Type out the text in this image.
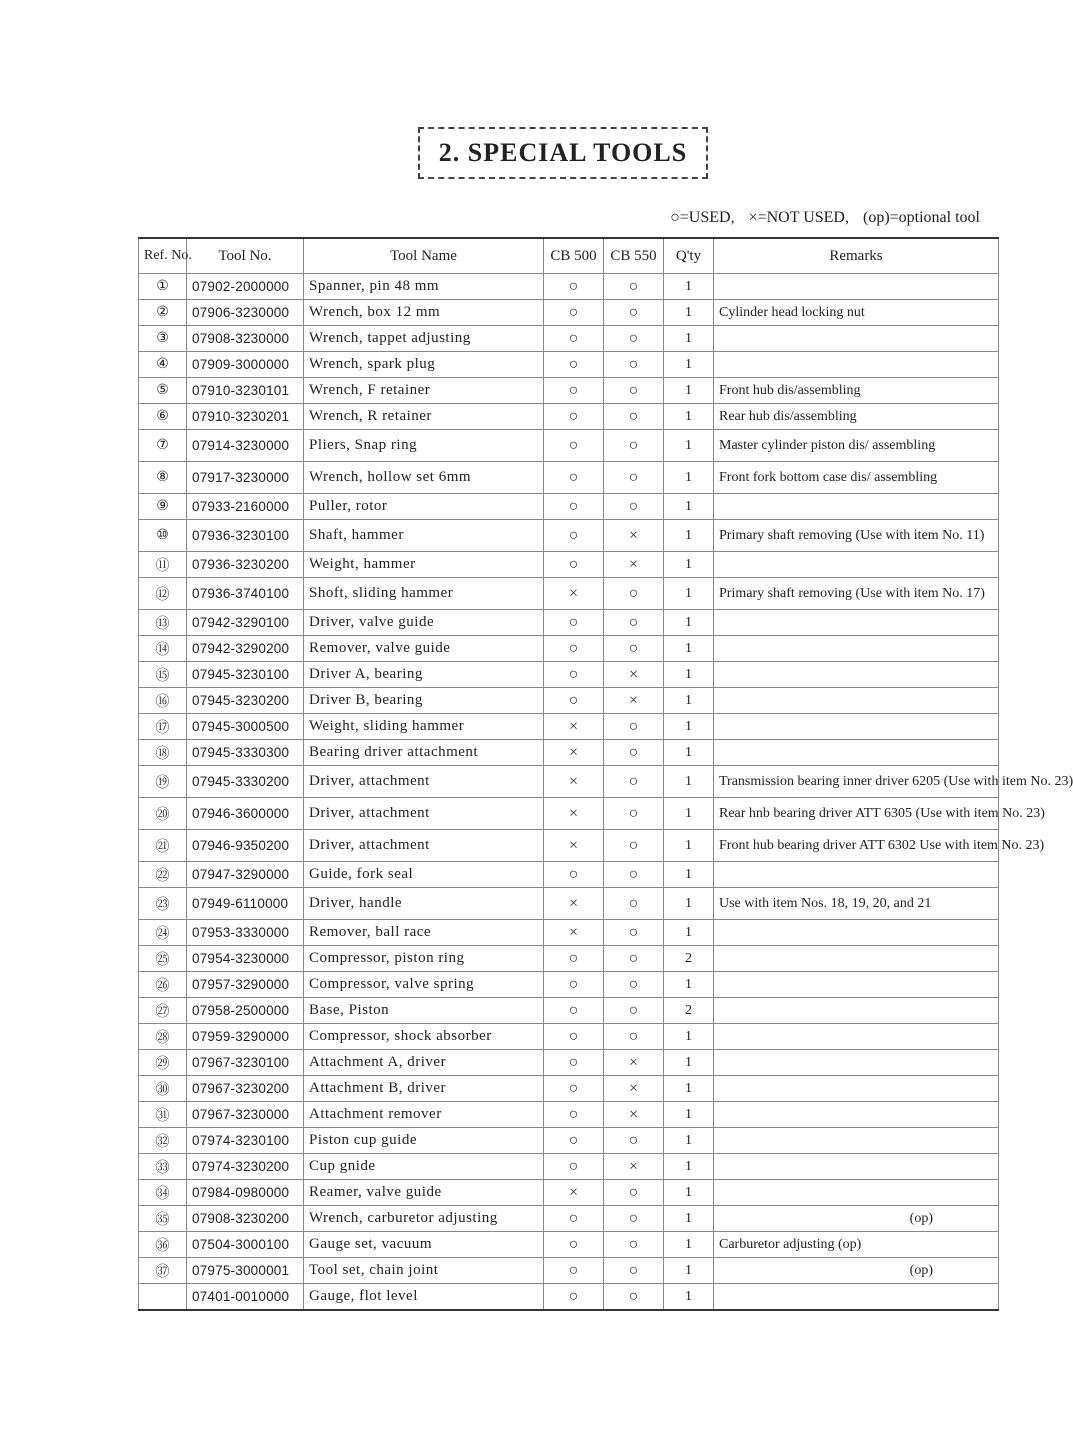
2. SPECIAL TOOLS
○=USED, ×=NOT USED, (op)=optional tool
Ref. No.	Tool No.	Tool Name	CB 500	CB 550	Q'ty	Remarks
①	07902-2000000	Spanner, pin 48 mm	○	○	1	
②	07906-3230000	Wrench, box 12 mm	○	○	1	Cylinder head locking nut
③	07908-3230000	Wrench, tappet adjusting	○	○	1	
④	07909-3000000	Wrench, spark plug	○	○	1	
⑤	07910-3230101	Wrench, F retainer	○	○	1	Front hub dis/assembling
⑥	07910-3230201	Wrench, R retainer	○	○	1	Rear hub dis/assembling
⑦	07914-3230000	Pliers, Snap ring	○	○	1	Master cylinder piston dis/ assembling
⑧	07917-3230000	Wrench, hollow set 6mm	○	○	1	Front fork bottom case dis/ assembling
⑨	07933-2160000	Puller, rotor	○	○	1	
⑩	07936-3230100	Shaft, hammer	○	×	1	Primary shaft removing (Use with item No. 11)
⑪	07936-3230200	Weight, hammer	○	×	1	
⑫	07936-3740100	Shoft, sliding hammer	×	○	1	Primary shaft removing (Use with item No. 17)
⑬	07942-3290100	Driver, valve guide	○	○	1	
⑭	07942-3290200	Remover, valve guide	○	○	1	
⑮	07945-3230100	Driver A, bearing	○	×	1	
⑯	07945-3230200	Driver B, bearing	○	×	1	
⑰	07945-3000500	Weight, sliding hammer	×	○	1	
⑱	07945-3330300	Bearing driver attachment	×	○	1	
⑲	07945-3330200	Driver, attachment	×	○	1	Transmission bearing inner driver 6205 (Use with item No. 23)
⑳	07946-3600000	Driver, attachment	×	○	1	Rear hnb bearing driver ATT 6305 (Use with item No. 23)
㉑	07946-9350200	Driver, attachment	×	○	1	Front hub bearing driver ATT 6302 Use with item No. 23)
㉒	07947-3290000	Guide, fork seal	○	○	1	
㉓	07949-6110000	Driver, handle	×	○	1	Use with item Nos. 18, 19, 20, and 21
㉔	07953-3330000	Remover, ball race	×	○	1	
㉕	07954-3230000	Compressor, piston ring	○	○	2	
㉖	07957-3290000	Compressor, valve spring	○	○	1	
㉗	07958-2500000	Base, Piston	○	○	2	
㉘	07959-3290000	Compressor, shock absorber	○	○	1	
㉙	07967-3230100	Attachment A, driver	○	×	1	
㉚	07967-3230200	Attachment B, driver	○	×	1	
㉛	07967-3230000	Attachment remover	○	×	1	
㉜	07974-3230100	Piston cup guide	○	○	1	
㉝	07974-3230200	Cup gnide	○	×	1	
㉞	07984-0980000	Reamer, valve guide	×	○	1	
㉟	07908-3230200	Wrench, carburetor adjusting	○	○	1	(op)
㊱	07504-3000100	Gauge set, vacuum	○	○	1	Carburetor adjusting (op)
㊲	07975-3000001	Tool set, chain joint	○	○	1	(op)
	07401-0010000	Gauge, flot level	○	○	1	
